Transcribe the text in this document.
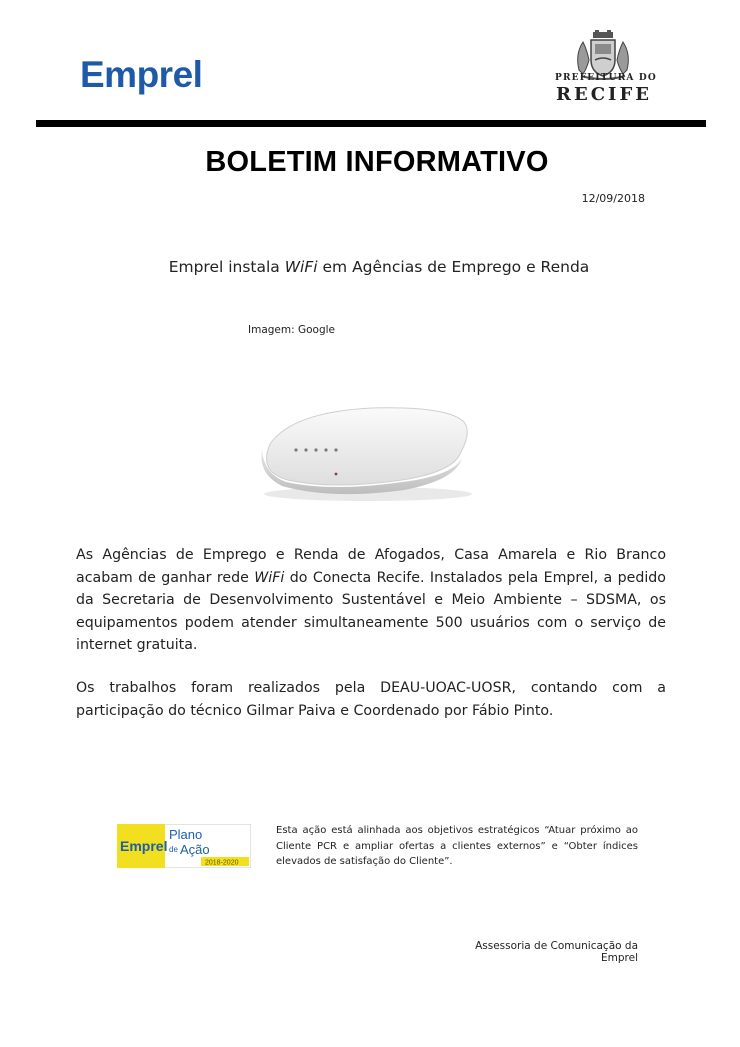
Emprel	PREFEITURA DO
RECIFE
BOLETIM INFORMATIVO
12/09/2018
Emprel instala WiFi em Agências de Emprego e Renda
Imagem: Google
As Agências de Emprego e Renda de Afogados, Casa Amarela e Rio Branco acabam de ganhar rede WiFi do Conecta Recife. Instalados pela Emprel, a pedido da Secretaria de Desenvolvimento Sustentável e Meio Ambiente – SDSMA, os equipamentos podem atender simultaneamente 500 usuários com o serviço de internet gratuita.
Os trabalhos foram realizados pela DEAU-UOAC-UOSR, contando com a participação do técnico Gilmar Paiva e Coordenado por Fábio Pinto.
Emprel
Plano
de Ação
2018-2020
Esta ação está alinhada aos objetivos estratégicos “Atuar próximo ao Cliente PCR e ampliar ofertas a clientes externos” e “Obter índices elevados de satisfação do Cliente”.
Assessoria de Comunicação da Emprel
